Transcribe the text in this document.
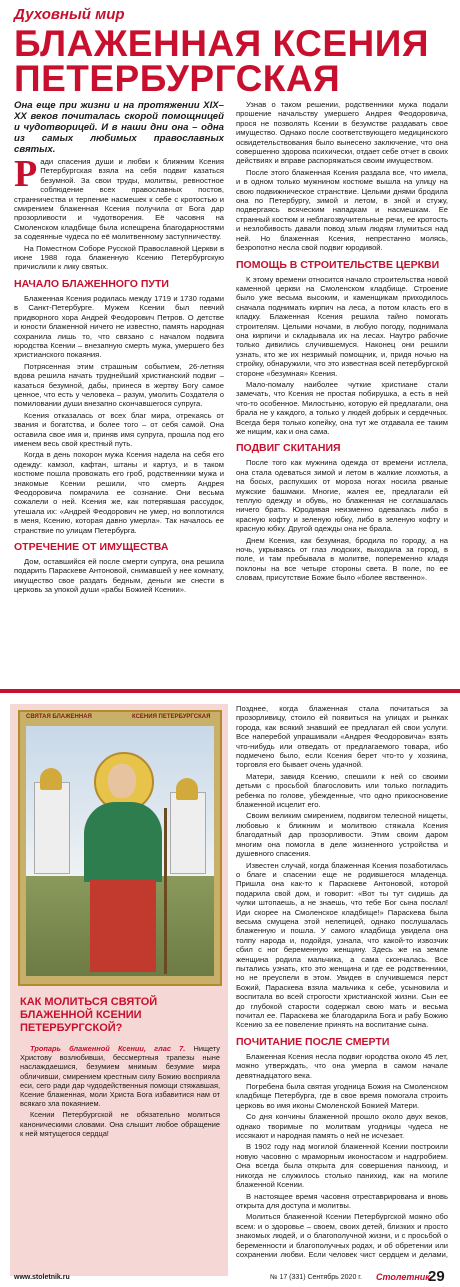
Духовный мир
БЛАЖЕННАЯ КСЕНИЯ ПЕТЕРБУРГСКАЯ

Она еще при жизни и на протяжении XIX–XX веков почиталась скорой помощницей и чудотворицей. И в наши дни она – одна из самых любимых православных святых.

Ради спасения души и любви к ближним Ксения Петербургская взяла на себя подвиг казаться безумной. За свои труды, молитвы, ревностное соблюдение всех православных постов, странничества и терпение насмешек к себе с кротостью и смирением блаженная Ксения получила от Бога дар прозорливости и чудотворения. Её часовня на Смоленском кладбище была испещрена благодарностями за содеянные чудеса по её молитвенному заступничеству.

На Поместном Соборе Русской Православной Церкви в июне 1988 года блаженную Ксению Петербургскую причислили к лику святых.

НАЧАЛО БЛАЖЕННОГО ПУТИ

Блаженная Ксения родилась между 1719 и 1730 годами в Санкт-Петербурге. Мужем Ксении был певчий придворного хора Андрей Феодорович Петров. О детстве и юности блаженной ничего не известно, память народная сохранила лишь то, что связано с началом подвига юродства Ксении – внезапную смерть мужа, умершего без христианского покаяния.

Потрясенная этим страшным событием, 26-летняя вдова решила начать труднейший христианский подвиг – казаться безумной, дабы, принеся в жертву Богу самое ценное, что есть у человека – разум, умолить Создателя о помиловании души внезапно скончавшегося супруга.

Ксения отказалась от всех благ мира, отрекаясь от звания и богатства, и более того – от себя самой. Она оставила свое имя и, приняв имя супруга, прошла под его именем весь свой крестный путь.

Когда в день похорон мужа Ксения надела на себя его одежду: камзол, кафтан, штаны и картуз, и в таком костюме пошла провожать его гроб, родственники мужа и знакомые Ксении решили, что смерть Андрея Феодоровича помрачила ее сознание. Они весьма сожалели о ней. Ксения же, как потерявшая рассудок, утешала их: «Андрей Феодорович не умер, но воплотился в меня, Ксению, которая давно умерла». Так началось ее странствие по улицам Петербурга.

ОТРЕЧЕНИЕ ОТ ИМУЩЕСТВА

Дом, оставшийся ей после смерти супруга, она решила подарить Параскеве Антоновой, снимавшей у нее комнату, имущество свое раздать бедным, деньги же снести в церковь за упокой души «рабы Божией Ксении».

Узнав о таком решении, родственники мужа подали прошение начальству умершего Андрея Феодоровича, прося не позволять Ксении в безумстве раздавать свое имущество. Однако после соответствующего медицинского освидетельствования было вынесено заключение, что она совершенно здорова психически, отдает себе отчет в своих действиях и вправе распоряжаться своим имуществом.

После этого блаженная Ксения раздала все, что имела, и в одном только мужнином костюме вышла на улицу на свою подвижническое странствие. Целыми днями бродила она по Петербургу, зимой и летом, в зной и стужу, подвергаясь всяческим нападкам и насмешкам. Ее странный костюм и неблагозвучительные речи, ее кротость и незлобивость давали повод злым людям глумиться над ней. Но блаженная Ксения, непрестанно молясь, безропотно несла свой подвиг юродивой.

ПОМОЩЬ В СТРОИТЕЛЬСТВЕ ЦЕРКВИ

К этому времени относится начало строительства новой каменной церкви на Смоленском кладбище. Строение было уже весьма высоким, и каменщикам приходилось сначала поднимать кирпич на леса, а потом класть его в кладку. Блаженная Ксения решила тайно помогать строителям. Целыми ночами, в любую погоду, поднимала она кирпичи и складывала их на лесах. Наутро рабочие только дивились случившемуся. Наконец они решили узнать, кто же их незримый помощник, и, придя ночью на стройку, обнаружили, что это известная всей петербургской стороне «безумная» Ксения.

Мало-помалу наиболее чуткие христиане стали замечать, что Ксения не простая побирушка, а есть в ней что-то особенное. Милостыню, которую ей предлагали, она брала не у каждого, а только у людей добрых и сердечных. Всегда беря только копейку, она тут же отдавала ее таким же нищим, как и она сама.

ПОДВИГ СКИТАНИЯ

После того как мужнина одежда от времени истлела, она стала одеваться зимой и летом в жалкие лохмотья, а на босых, распухших от мороза ногах носила рваные мужские башмаки. Многие, жалея ее, предлагали ей теплую одежду и обувь, но блаженная не соглашалась ничего брать. Юродивая неизменно одевалась либо в красную кофту и зеленую юбку, либо в зеленую кофту и красную юбку. Другой одежды она не брала.

Днем Ксения, как безумная, бродила по городу, а на ночь, укрываясь от глаз людских, выходила за город, в поле, и там пребывала в молитве, попеременно кладя поклоны на все четыре стороны света. В поле, по ее словам, присутствие Божие было «более явственно».

СВЯТАЯ БЛАЖЕННАЯ	КСЕНИЯ ПЕТЕРБУРГСКАЯ
КАК МОЛИТЬСЯ СВЯТОЙ БЛАЖЕННОЙ КСЕНИИ ПЕТЕРБУРГСКОЙ?

Тропарь блаженной Ксении, глас 7. Нищету Христову возлюбивши, бессмертныя трапезы ныне наслаждаешися, безумием мнимым безумие мира обличивши, смирением крестным силу Божию восприяла еси, сего ради дар чудодейственныя помощи стяжавшая, Ксение блаженная, моли Христа Бога избавитися нам от всякаго зла покаянием.

Ксении Петербургской не обязательно молиться каноническими словами. Она слышит любое обращение к ней мятущегося сердца!

Позднее, когда блаженная стала почитаться за прозорливицу, стоило ей появиться на улицах и рынках города, как всякий знавший ее предлагал ей свои услуги. Все наперебой упрашивали «Андрея Феодоровича» взять что-нибудь или отведать от предлагаемого товара, ибо подмечено было, если Ксения берет что-то у хозяина, торговля его бывает очень удачной.

Матери, завидя Ксению, спешили к ней со своими детьми с просьбой благословить или только погладить ребенка по голове, убежденные, что одно прикосновение блаженной исцелит его.

Своим великим смирением, подвигом телесной нищеты, любовью к ближним и молитвою стяжала Ксения благодатный дар прозорливости. Этим своим даром многим она помогла в деле жизненного устройства и душевного спасения.

Известен случай, когда блаженная Ксения позаботилась о благе и спасении еще не родившегося младенца. Пришла она как-то к Параскеве Антоновой, которой подарила свой дом, и говорит: «Вот ты тут сидишь да чулки штопаешь, а не знаешь, что тебе Бог сына послал! Иди скорее на Смоленское кладбище!» Параскева была весьма смущена этой нелепицей, однако послушалась блаженную и пошла. У самого кладбища увидела она толпу народа и, подойдя, узнала, что какой-то извозчик сбил с ног беременную женщину. Здесь же на земле женщина родила мальчика, а сама скончалась. Все пытались узнать, кто это женщина и где ее родственники, но не преуспели в этом. Увидев в случившемся перст Божий, Параскева взяла мальчика к себе, усыновила и воспитала во всей строгости христианской жизни. Сын ее до глубокой старости содержал свою мать и весьма почитал ее. Параскева же благодарила Бога и рабу Божию Ксению за ее повеление принять на воспитание сына.

ПОЧИТАНИЕ ПОСЛЕ СМЕРТИ

Блаженная Ксения несла подвиг юродства около 45 лет, можно утверждать, что она умерла в самом начале девятнадцатого века.

Погребена была святая угодница Божия на Смоленском кладбище Петербурга, где в свое время помогала строить церковь во имя иконы Смоленской Божией Матери.

Со дня кончины блаженной прошло около двух веков, однако творимые по молитвам угодницы чудеса не иссякают и народная память о ней не исчезает.

В 1902 году над могилой блаженной Ксении построили новую часовню с мраморным иконостасом и надгробием. Она всегда была открыта для совершения панихид, и никогда не служилось столько панихид, как на могиле блаженной Ксении.

В настоящее время часовня отреставрирована и вновь открыта для доступа и молитвы.

Молиться блаженной Ксении Петербургской можно обо всем: и о здоровье – своем, своих детей, близких и просто знакомых людей, и о благополучной жизни, и с просьбой о беременности и благополучных родах, и об обретении или сохранении любви. Если человек чист сердцем и делами,

www.stoletnik.ru	№ 17 (331) Сентябрь 2020 г. Столетник
29
